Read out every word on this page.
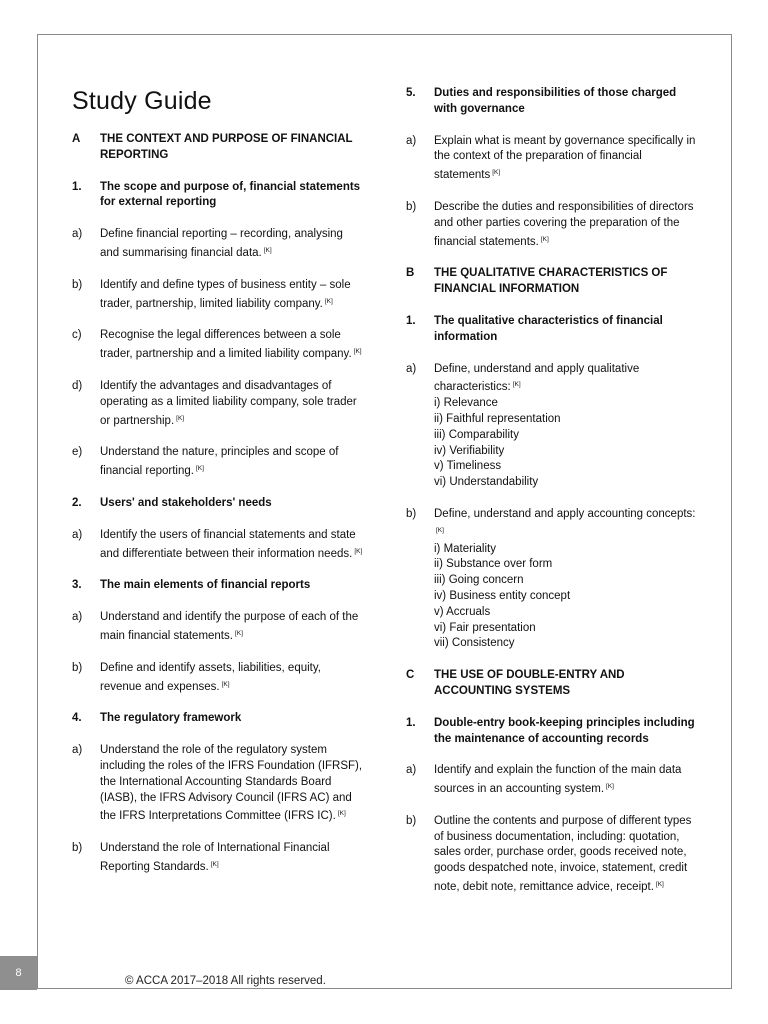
Study Guide
A	THE CONTEXT AND PURPOSE OF FINANCIAL REPORTING
1.	The scope and purpose of, financial statements for external reporting
a)	Define financial reporting – recording, analysing and summarising financial data. [K]
b)	Identify and define types of business entity – sole trader, partnership, limited liability company. [K]
c)	Recognise the legal differences between a sole trader, partnership and a limited liability company. [K]
d)	Identify the advantages and disadvantages of operating as a limited liability company, sole trader or partnership. [K]
e)	Understand the nature, principles and scope of financial reporting. [K]
2.	Users' and stakeholders' needs
a)	Identify the users of financial statements and state and differentiate between their information needs. [K]
3.	The main elements of financial reports
a)	Understand and identify the purpose of each of the main financial statements. [K]
b)	Define and identify assets, liabilities, equity, revenue and expenses. [K]
4.	The regulatory framework
a)	Understand the role of the regulatory system including the roles of the IFRS Foundation (IFRSF), the International Accounting Standards Board (IASB), the IFRS Advisory Council (IFRS AC) and the IFRS Interpretations Committee (IFRS IC). [K]
b)	Understand the role of International Financial Reporting Standards. [K]
5.	Duties and responsibilities of those charged with governance
a)	Explain what is meant by governance specifically in the context of the preparation of financial statements [K]
b)	Describe the duties and responsibilities of directors and other parties covering the preparation of the financial statements. [K]
B	THE QUALITATIVE CHARACTERISTICS OF FINANCIAL INFORMATION
1.	The qualitative characteristics of financial information
a)	Define, understand and apply qualitative characteristics: [K]
i) Relevance
ii) Faithful representation
iii) Comparability
iv) Verifiability
v) Timeliness
vi) Understandability
b)	Define, understand and apply accounting concepts:[K]
i) Materiality
ii) Substance over form
iii) Going concern
iv) Business entity concept
v) Accruals
vi) Fair presentation
vii) Consistency
C	THE USE OF DOUBLE-ENTRY AND ACCOUNTING SYSTEMS
1.	Double-entry book-keeping principles including the maintenance of accounting records
a)	Identify and explain the function of the main data sources in an accounting system. [K]
b)	Outline the contents and purpose of different types of business documentation, including: quotation, sales order, purchase order, goods received note, goods despatched note, invoice, statement, credit note, debit note, remittance advice, receipt. [K]
8
© ACCA 2017–2018 All rights reserved.
